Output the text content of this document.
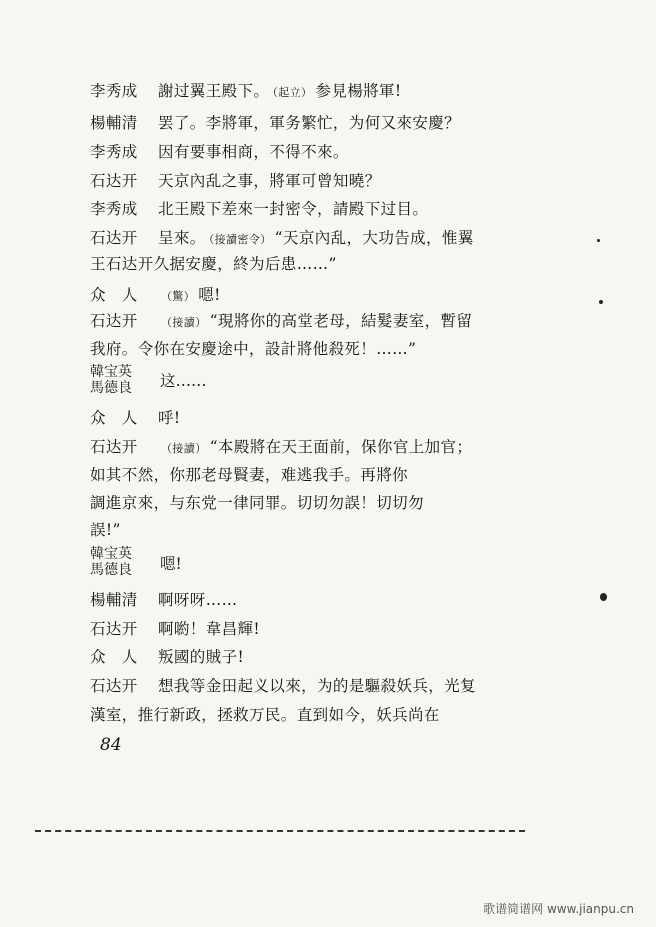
李秀成 謝过翼王殿下。 （起立） 参見楊將軍!
楊輔清 罢了。李將軍，軍务繁忙，为何又來安慶？
李秀成 因有要事相商，不得不來。
石达开 天京內乱之事，將軍可曾知曉？
李秀成 北王殿下差來一封密令，請殿下过目。
石达开 呈來。 （接讀密令） “天京內乱，大功告成，惟翼
王石达开久据安慶，終为后患……”
众　人 （驚） 嗯!
石达开 （接讀） “現將你的高堂老母，結髮妻室，暫留
我府。令你在安慶途中，設計將他殺死！……”
韓宝英
馬德良	这……
众　人 呼!
石达开 （接讀） “本殿將在天王面前，保你官上加官；
如其不然，你那老母賢妻，难逃我手。再將你
調進京來，与东党一律同罪。切切勿誤！切切勿
誤!”
韓宝英
馬德良	嗯!
楊輔清 啊呀呀……
石达开 啊喲！韋昌輝!
众　人 叛國的賊子!
石达开 想我等金田起义以來，为的是驅殺妖兵，光复
漢室，推行新政，拯救万民。直到如今，妖兵尚在
84
歌谱简谱网 www.jianpu.cn
